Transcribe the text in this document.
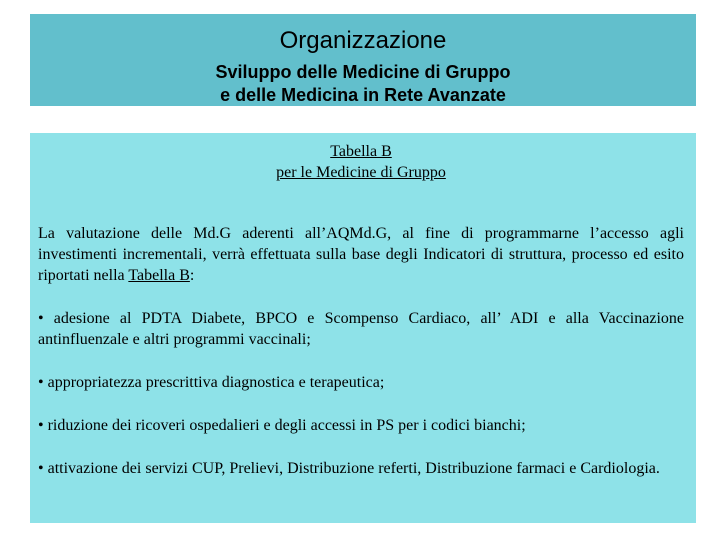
Organizzazione
Sviluppo delle Medicine di Gruppo
e delle Medicina in Rete Avanzate
Tabella B
per le Medicine di Gruppo
La valutazione delle Md.G aderenti all’AQMd.G, al fine di programmarne l’accesso agli investimenti incrementali, verrà effettuata sulla base degli Indicatori di struttura, processo ed esito riportati nella Tabella B:
• adesione al PDTA Diabete, BPCO e Scompenso Cardiaco, all’ ADI e alla Vaccinazione antinfluenzale e altri programmi vaccinali;
• appropriatezza prescrittiva diagnostica e terapeutica;
• riduzione dei ricoveri ospedalieri e degli accessi in PS per i codici bianchi;
• attivazione dei servizi CUP, Prelievi, Distribuzione referti, Distribuzione farmaci e Cardiologia.
